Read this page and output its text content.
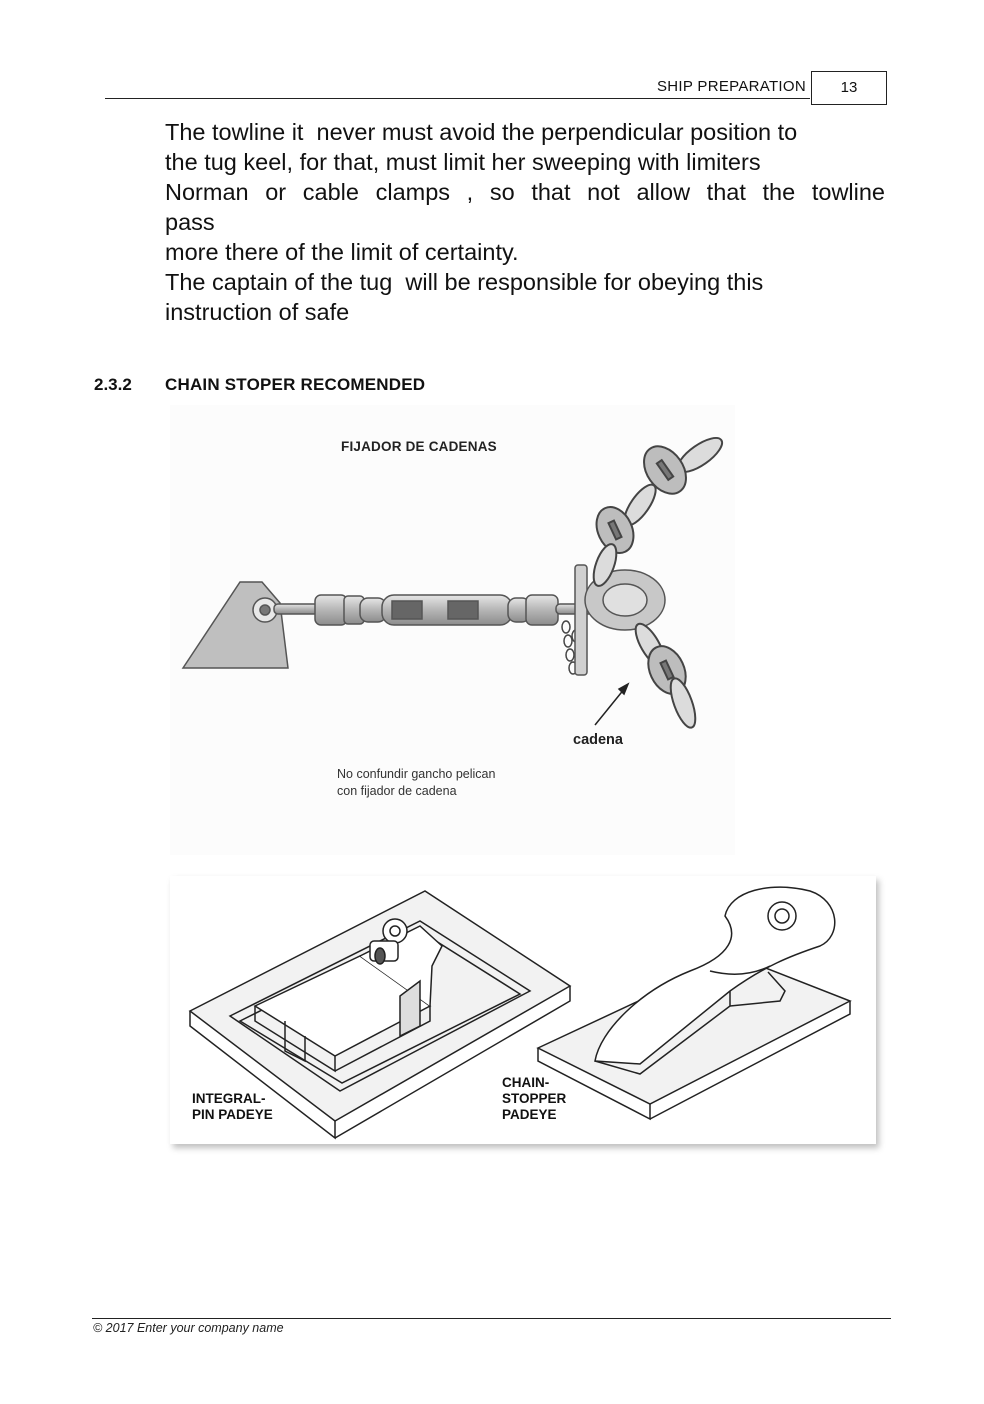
SHIP PREPARATION	13
The towline it  never must avoid the perpendicular position to
the tug keel, for that, must limit her sweeping with limiters
Norman or cable clamps , so that not allow that the towline
pass
more there of the limit of certainty.
The captain of the tug  will be responsible for obeying this
instruction of safe
2.3.2 CHAIN STOPER RECOMENDED
FIJADOR DE CADENAS
cadena
No confundir gancho pelican
con fijador de cadena
INTEGRAL-
PIN PADEYE
CHAIN-
STOPPER
PADEYE
© 2017 Enter your company name
